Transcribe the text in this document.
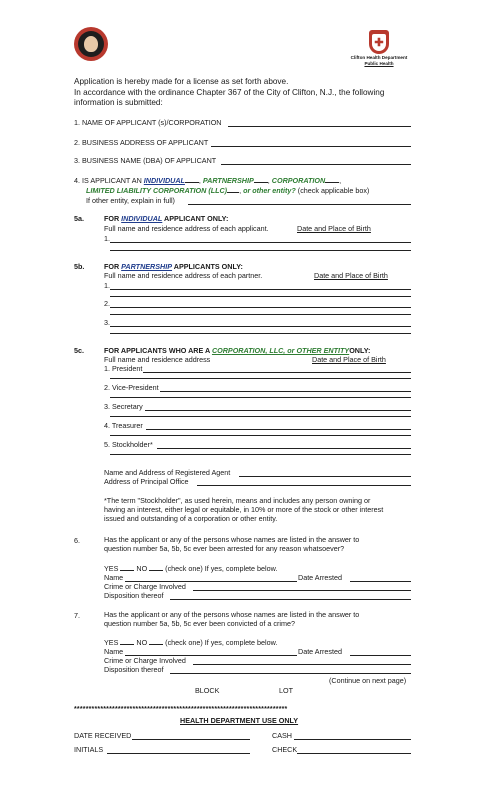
✚
Clifton Health Department
Public Health
Application is hereby made for a license as set forth above.
In accordance with the ordinance Chapter 367 of the City of Clifton, N.J., the following
information is submitted:
1. NAME OF APPLICANT (s)/CORPORATION
2. BUSINESS ADDRESS OF APPLICANT
3. BUSINESS NAME (DBA) OF APPLICANT
4. IS APPLICANT AN INDIVIDUAL , PARTNERSHIP , CORPORATION ,
LIMITED LIABILITY CORPORATION (LLC) , or other entity? (check applicable box)
If other entity, explain in full)
5a.	FOR INDIVIDUAL APPLICANT ONLY:
Full name and residence address of each applicant.	Date and Place of Birth
1.
5b.	FOR PARTNERSHIP APPLICANTS ONLY:
Full name and residence address of each partner.	Date and Place of Birth
1.
2.
3.
5c.	FOR APPLICANTS WHO ARE A CORPORATION, LLC, or OTHER ENTITYONLY:
Full name and residence address	Date and Place of Birth
1. President
2. Vice-President
3. Secretary
4. Treasurer
5. Stockholder*
Name and Address of Registered Agent
Address of Principal Office
*The term "Stockholder", as used herein, means and includes any person owning or
having an interest, either legal or equitable, in 10% or more of the stock or other interest
issued and outstanding of a corporation or other entity.
6.	Has the applicant or any of the persons whose names are listed in the answer to
question number 5a, 5b, 5c ever been arrested for any reason whatsoever?
YES	NO	(check one) If yes, complete below.
Name	Date Arrested
Crime or Charge Involved
Disposition thereof
7.	Has the applicant or any of the persons whose names are listed in the answer to
question number 5a, 5b, 5c ever been convicted of a crime?
YES	NO	(check one) If yes, complete below.
Name	Date Arrested
Crime or Charge Involved
Disposition thereof
(Continue on next page)
BLOCK	LOT
*************************************************************************
HEALTH DEPARTMENT USE ONLY
DATE RECEIVED	CASH
INITIALS	CHECK
